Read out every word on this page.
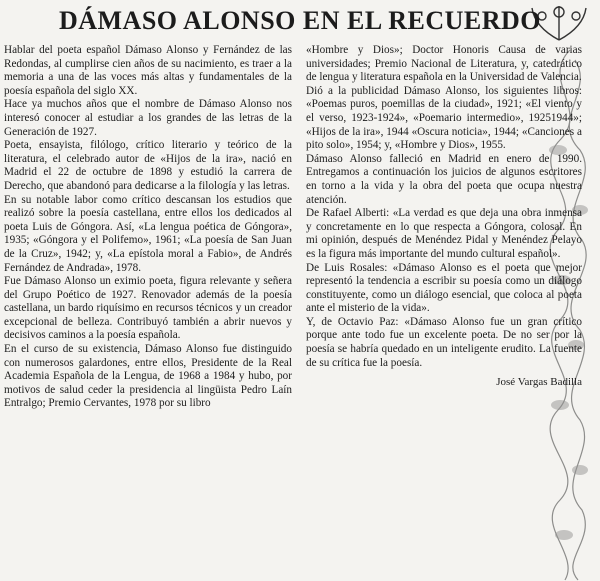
DÁMASO ALONSO EN EL RECUERDO

Hablar del poeta español Dámaso Alonso y Fernández de las Redondas, al cumplirse cien años de su nacimiento, es traer a la memoria a una de las voces más altas y fundamentales de la poesía española del siglo XX.

Hace ya muchos años que el nombre de Dámaso Alonso nos interesó conocer al estudiar a los grandes de las letras de la Generación de 1927.

Poeta, ensayista, filólogo, crítico literario y teórico de la literatura, el celebrado autor de «Hijos de la ira», nació en Madrid el 22 de octubre de 1898 y estudió la carrera de Derecho, que abandonó para dedicarse a la filología y las letras.

En su notable labor como crítico descansan los estudios que realizó sobre la poesía castellana, entre ellos los dedicados al poeta Luis de Góngora. Así, «La lengua poética de Góngora», 1935; «Góngora y el Polifemo», 1961; «La poesía de San Juan de la Cruz», 1942; y, «La epístola moral a Fabio», de Andrés Fernández de Andrada», 1978.

Fue Dámaso Alonso un eximio poeta, figura relevante y señera del Grupo Poético de 1927. Renovador además de la poesía castellana, un bardo riquísimo en recursos técnicos y un creador excepcional de belleza. Contribuyó también a abrir nuevos y decisivos caminos a la poesía española.

En el curso de su existencia, Dámaso Alonso fue distinguido con numerosos galardones, entre ellos, Presidente de la Real Academia Española de la Lengua, de 1968 a 1984 y hubo, por motivos de salud ceder la presidencia al lingüista Pedro Laín Entralgo; Premio Cervantes, 1978 por su libro

«Hombre y Dios»; Doctor Honoris Causa de varias universidades; Premio Nacional de Literatura, y, catedrático de lengua y literatura española en la Universidad de Valencia.

Dió a la publicidad Dámaso Alonso, los siguientes libros: «Poemas puros, poemillas de la ciudad», 1921; «El viento y el verso, 1923-1924», «Poemario intermedio», 19251944»; «Hijos de la ira», 1944 «Oscura noticia», 1944; «Canciones a pito solo», 1954; y, «Hombre y Dios», 1955.

Dámaso Alonso falleció en Madrid en enero de 1990. Entregamos a continuación los juicios de algunos escritores en torno a la vida y la obra del poeta que ocupa nuestra atención.

De Rafael Alberti: «La verdad es que deja una obra inmensa y concretamente en lo que respecta a Góngora, colosal. En mi opinión, después de Menéndez Pidal y Menéndez Pelayo es la figura más importante del mundo cultural español».

De Luis Rosales: «Dámaso Alonso es el poeta que mejor representó la tendencia a escribir su poesía como un diálogo constituyente, como un diálogo esencial, que coloca al poeta ante el misterio de la vida».

Y, de Octavio Paz: «Dámaso Alonso fue un gran crítico porque ante todo fue un excelente poeta. De no ser por la poesía se habría quedado en un inteligente erudito. La fuente de su crítica fue la poesía.

José Vargas Badilla
